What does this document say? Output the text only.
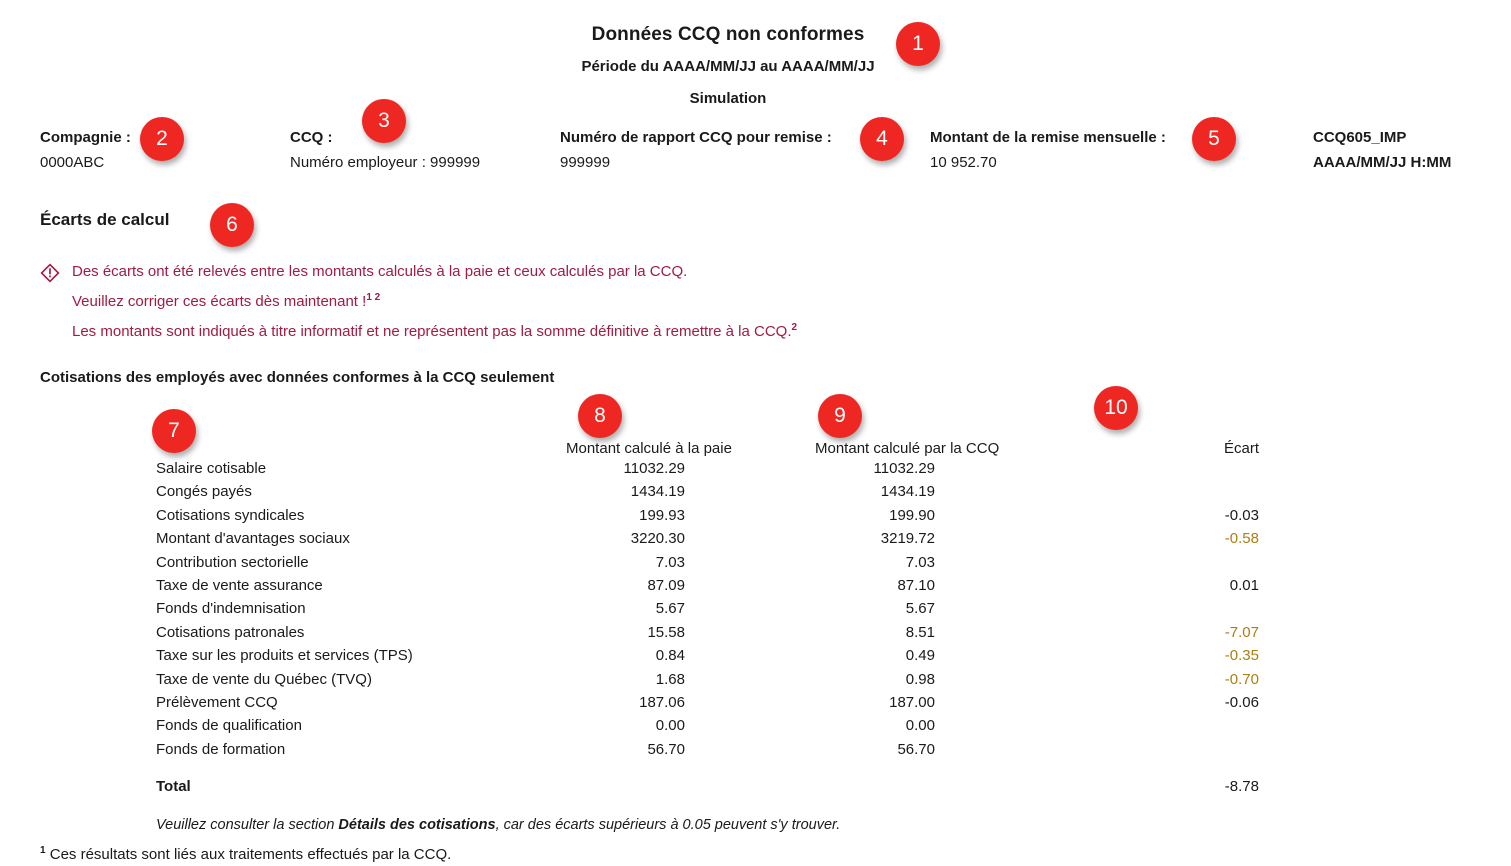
Données CCQ non conformes
Période du AAAA/MM/JJ au AAAA/MM/JJ
Simulation
Compagnie :
0000ABC
CCQ :
Numéro employeur : 999999
Numéro de rapport CCQ pour remise :
999999
Montant de la remise mensuelle :
10 952.70
CCQ605_IMP
AAAA/MM/JJ H:MM
Écarts de calcul
Des écarts ont été relevés entre les montants calculés à la paie et ceux calculés par la CCQ.
Veuillez corriger ces écarts dès maintenant !$^{1 2}$
Les montants sont indiqués à titre informatif et ne représentent pas la somme définitive à remettre à la CCQ.$^2$
Cotisations des employés avec données conformes à la CCQ seulement
		Montant calculé à la paie		Montant calculé par la CCQ		Écart	
	Salaire cotisable	11032.29		11032.29			
	Congés payés	1434.19		1434.19			
	Cotisations syndicales	199.93		199.90		-0.03	
	Montant d'avantages sociaux	3220.30		3219.72		-0.58	
	Contribution sectorielle	7.03		7.03			
	Taxe de vente assurance	87.09		87.10		0.01	
	Fonds d'indemnisation	5.67		5.67			
	Cotisations patronales	15.58		8.51		-7.07	
	Taxe sur les produits et services (TPS)	0.84		0.49		-0.35	
	Taxe de vente du Québec (TVQ)	1.68		0.98		-0.70	
	Prélèvement CCQ	187.06		187.00		-0.06	
	Fonds de qualification	0.00		0.00			
	Fonds de formation	56.70		56.70			
	Total					-8.78	
	Veuillez consulter la section Détails des cotisations, car des écarts supérieurs à 0.05 peuvent s'y trouver.						
$^1$ Ces résultats sont liés aux traitements effectués par la CCQ.
1
2
3
4	5
6
7
8	9	10
